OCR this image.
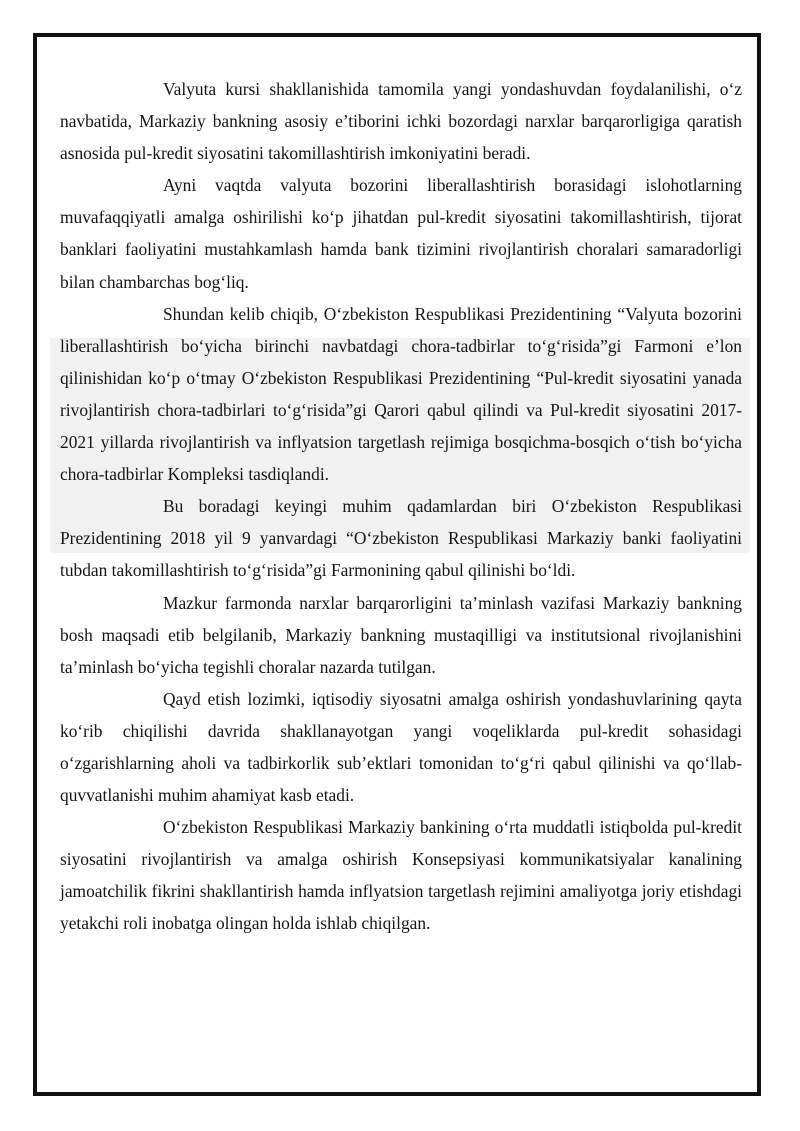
Valyuta kursi shakllanishida tamomila yangi yondashuvdan foydalanilishi, o‘z navbatida, Markaziy bankning asosiy e’tiborini ichki bozordagi narxlar barqarorligiga qaratish asnosida pul-kredit siyosatini takomillashtirish imkoniyatini beradi.

Ayni vaqtda valyuta bozorini liberallashtirish borasidagi islohotlarning muvafaqqiyatli amalga oshirilishi ko‘p jihatdan pul-kredit siyosatini takomillashtirish, tijorat banklari faoliyatini mustahkamlash hamda bank tizimini rivojlantirish choralari samaradorligi bilan chambarchas bog‘liq.

Shundan kelib chiqib, O‘zbekiston Respublikasi Prezidentining “Valyuta bozorini liberallashtirish bo‘yicha birinchi navbatdagi chora-tadbirlar to‘g‘risida”gi Farmoni e’lon qilinishidan ko‘p o‘tmay O‘zbekiston Respublikasi Prezidentining “Pul-kredit siyosatini yanada rivojlantirish chora-tadbirlari to‘g‘risida”gi Qarori qabul qilindi va Pul-kredit siyosatini 2017-2021 yillarda rivojlantirish va inflyatsion targetlash rejimiga bosqichma-bosqich o‘tish bo‘yicha chora-tadbirlar Kompleksi tasdiqlandi.

Bu boradagi keyingi muhim qadamlardan biri O‘zbekiston Respublikasi Prezidentining 2018 yil 9 yanvardagi “O‘zbekiston Respublikasi Markaziy banki faoliyatini tubdan takomillashtirish to‘g‘risida”gi Farmonining qabul qilinishi bo‘ldi.

Mazkur farmonda narxlar barqarorligini ta’minlash vazifasi Markaziy bankning bosh maqsadi etib belgilanib, Markaziy bankning mustaqilligi va institutsional rivojlanishini ta’minlash bo‘yicha tegishli choralar nazarda tutilgan.

Qayd etish lozimki, iqtisodiy siyosatni amalga oshirish yondashuvlarining qayta ko‘rib chiqilishi davrida shakllanayotgan yangi voqeliklarda pul-kredit sohasidagi o‘zgarishlarning aholi va tadbirkorlik sub’ektlari tomonidan to‘g‘ri qabul qilinishi va qo‘llab-quvvatlanishi muhim ahamiyat kasb etadi.

O‘zbekiston Respublikasi Markaziy bankining o‘rta muddatli istiqbolda pul-kredit siyosatini rivojlantirish va amalga oshirish Konsepsiyasi kommunikatsiyalar kanalining jamoatchilik fikrini shakllantirish hamda inflyatsion targetlash rejimini amaliyotga joriy etishdagi yetakchi roli inobatga olingan holda ishlab chiqilgan.
